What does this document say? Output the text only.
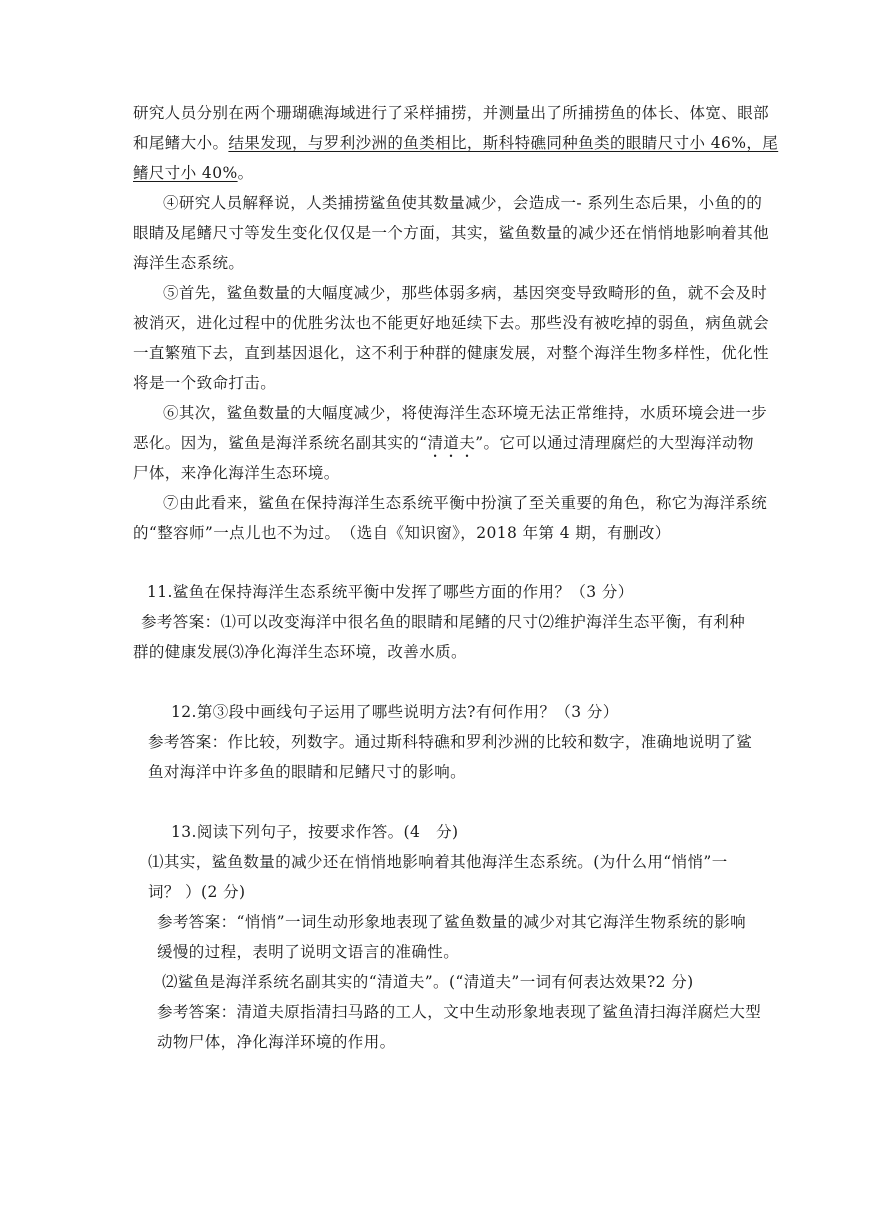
研究人员分别在两个珊瑚礁海域进行了采样捕捞，并测量出了所捕捞鱼的体长、体宽、眼部
和尾鳍大小。结果发现，与罗利沙洲的鱼类相比，斯科特礁同种鱼类的眼睛尺寸小 46%，尾
鳍尺寸小 40%。
④研究人员解释说，人类捕捞鲨鱼使其数量减少，会造成一- 系列生态后果，小鱼的的
眼睛及尾鳍尺寸等发生变化仅仅是一个方面，其实，鲨鱼数量的减少还在悄悄地影响着其他
海洋生态系统。
⑤首先，鲨鱼数量的大幅度减少，那些体弱多病，基因突变导致畸形的鱼，就不会及时
被消灭，进化过程中的优胜劣汰也不能更好地延续下去。那些没有被吃掉的弱鱼，病鱼就会
一直繁殖下去，直到基因退化，这不利于种群的健康发展，对整个海洋生物多样性，优化性
将是一个致命打击。
⑥其次，鲨鱼数量的大幅度减少，将使海洋生态环境无法正常维持，水质环境会进一步
恶化。因为，鲨鱼是海洋系统名副其实的“清道夫”。它可以通过清理腐烂的大型海洋动物
尸体，来净化海洋生态环境。
⑦由此看来，鲨鱼在保持海洋生态系统平衡中扮演了至关重要的角色，称它为海洋系统
的“整容师”一点儿也不为过。　（选自《知识窗》，2018 年第 4 期，有删改）
11.鲨鱼在保持海洋生态系统平衡中发挥了哪些方面的作用？（3 分）
参考答案：⑴可以改变海洋中很名鱼的眼睛和尾鳍的尺寸⑵维护海洋生态平衡，有利种
群的健康发展⑶净化海洋生态环境，改善水质。
12.第③段中画线句子运用了哪些说明方法?有何作用？（3 分）
参考答案：作比较，列数字。通过斯科特礁和罗利沙洲的比较和数字，准确地说明了鲨
鱼对海洋中许多鱼的眼睛和尼鳍尺寸的影响。
13.阅读下列句子，按要求作答。(4　分)
⑴其实，鲨鱼数量的减少还在悄悄地影响着其他海洋生态系统。(为什么用“悄悄”一
词？ ）(2 分)
参考答案：“悄悄”一词生动形象地表现了鲨鱼数量的减少对其它海洋生物系统的影响
缓慢的过程，表明了说明文语言的准确性。
⑵鲨鱼是海洋系统名副其实的“清道夫”。(“清道夫”一词有何表达效果?2 分)
参考答案：清道夫原指清扫马路的工人，文中生动形象地表现了鲨鱼清扫海洋腐烂大型
动物尸体，净化海洋环境的作用。
